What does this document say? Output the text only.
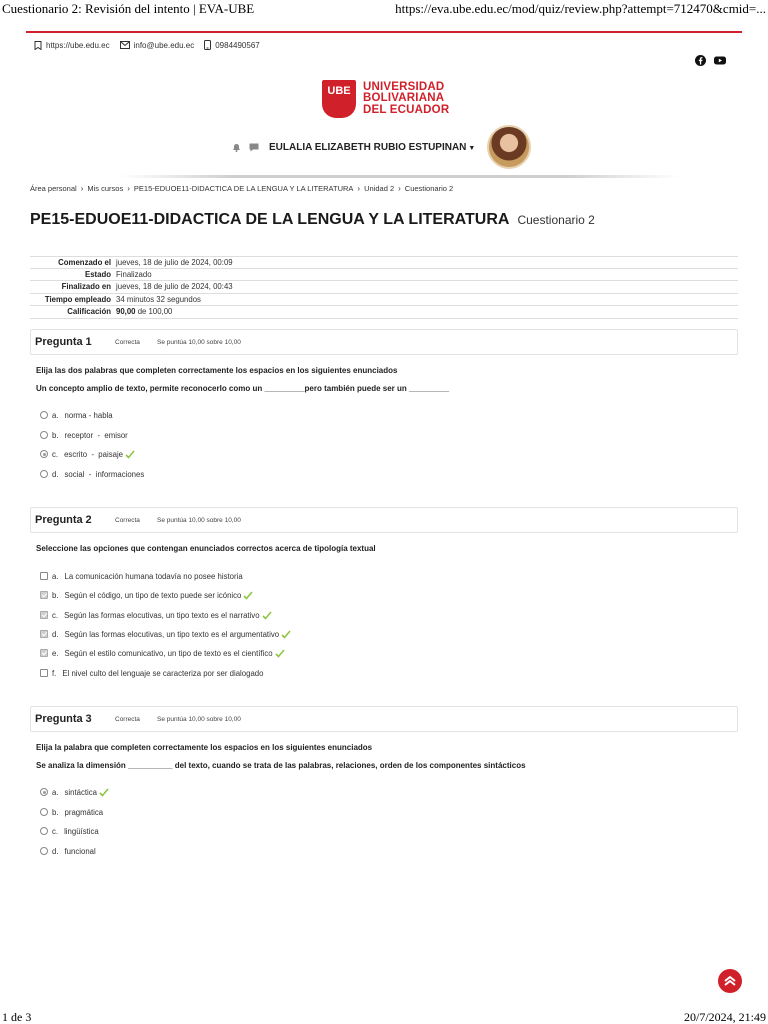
Cuestionario 2: Revisión del intento | EVA-UBE	https://eva.ube.edu.ec/mod/quiz/review.php?attempt=712470&cmid=...
https://ube.edu.ec	info@ube.edu.ec	0984490567
UBE	UNIVERSIDAD
BOLIVARIANA
DEL ECUADOR
EULALIA ELIZABETH RUBIO ESTUPINAN ▼
Área personal › Mis cursos › PE15-EDUOE11-DIDACTICA DE LA LENGUA Y LA LITERATURA › Unidad 2 › Cuestionario 2
PE15-EDUOE11-DIDACTICA DE LA LENGUA Y LA LITERATURA Cuestionario 2
Comenzado el jueves, 18 de julio de 2024, 00:09
Estado Finalizado
Finalizado en jueves, 18 de julio de 2024, 00:43
Tiempo empleado 34 minutos 32 segundos
Calificación 90,00 de 100,00
Pregunta 1	Correcta	Se puntúa 10,00 sobre 10,00
Elija las dos palabras que completen correctamente los espacios en los siguientes enunciados
Un concepto amplio de texto, permite reconocerlo como un _________pero también puede ser un _________
a. norma - habla
b. receptor  -  emisor
c. escrito  -  paisaje
d. social  -  informaciones
Pregunta 2	Correcta	Se puntúa 10,00 sobre 10,00
Seleccione las opciones que contengan enunciados correctos acerca de tipología textual
a. La comunicación humana todavía no posee historia
b. Según el código, un tipo de texto puede ser icónico
c. Según las formas elocutivas, un tipo texto es el narrativo
d. Según las formas elocutivas, un tipo texto es el argumentativo
e. Según el estilo comunicativo, un tipo de texto es el científico
f. El nivel culto del lenguaje se caracteriza por ser dialogado
Pregunta 3	Correcta	Se puntúa 10,00 sobre 10,00
Elija la palabra que completen correctamente los espacios en los siguientes enunciados
Se analiza la dimensión __________ del texto, cuando se trata de las palabras, relaciones, orden de los componentes sintácticos
a. sintáctica
b. pragmática
c. lingüística
d. funcional
1 de 3	20/7/2024, 21:49
